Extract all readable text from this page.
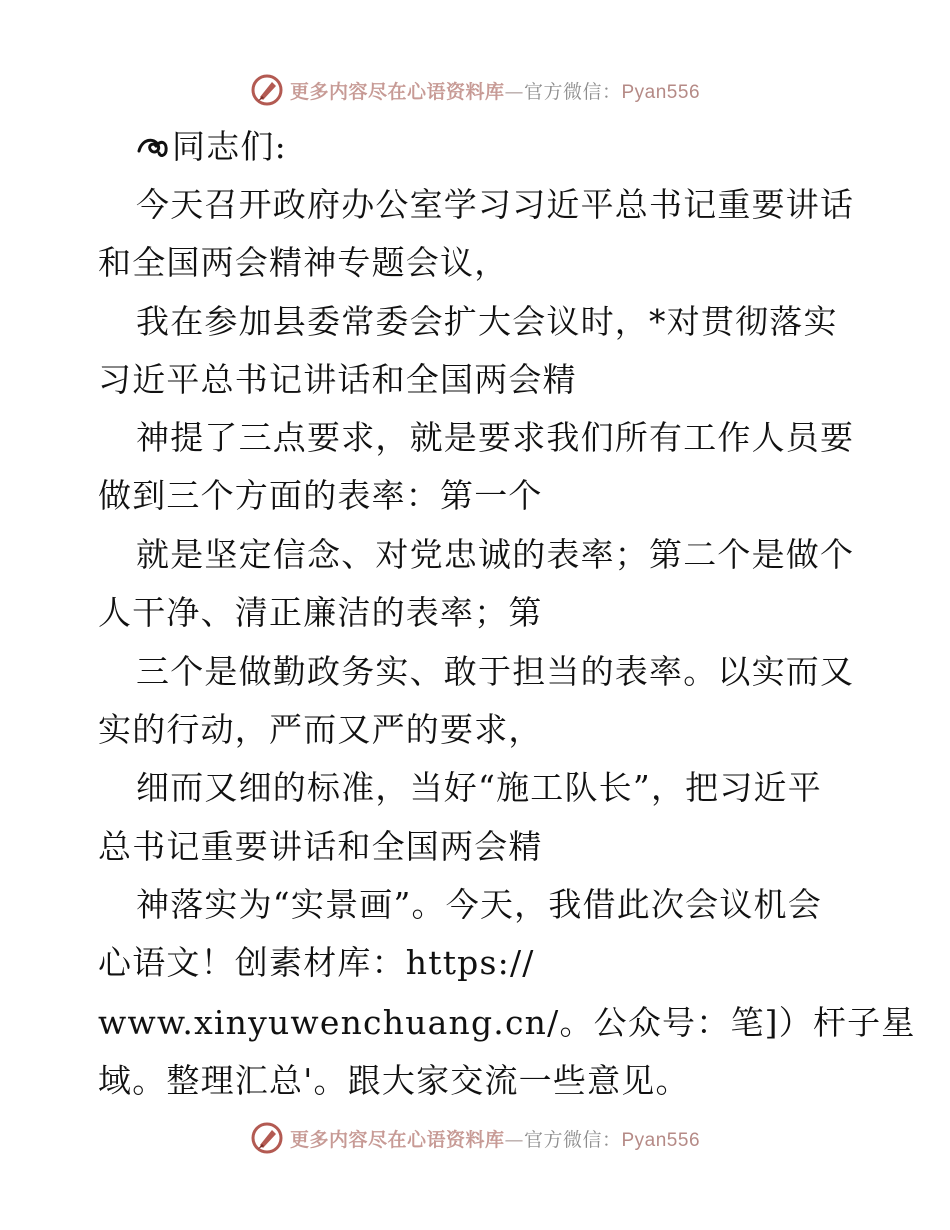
更多内容尽在心语资料库—官方微信：Pyan556
同志们:
今天召开政府办公室学习习近平总书记重要讲话
和全国两会精神专题会议，
我在参加县委常委会扩大会议时，*对贯彻落实
习近平总书记讲话和全国两会精
神提了三点要求，就是要求我们所有工作人员要
做到三个方面的表率：第一个
就是坚定信念、对党忠诚的表率；第二个是做个
人干净、清正廉洁的表率；第
三个是做勤政务实、敢于担当的表率。以实而又
实的行动，严而又严的要求，
细而又细的标准，当好“施工队长”，把习近平
总书记重要讲话和全国两会精
神落实为“实景画”。今天，我借此次会议机会
心语文！创素材库：https://
www.xinyuwenchuang.cn/。公众号：笔]）杆子星
域。整理汇总'。跟大家交流一些意见。
更多内容尽在心语资料库—官方微信：Pyan556
